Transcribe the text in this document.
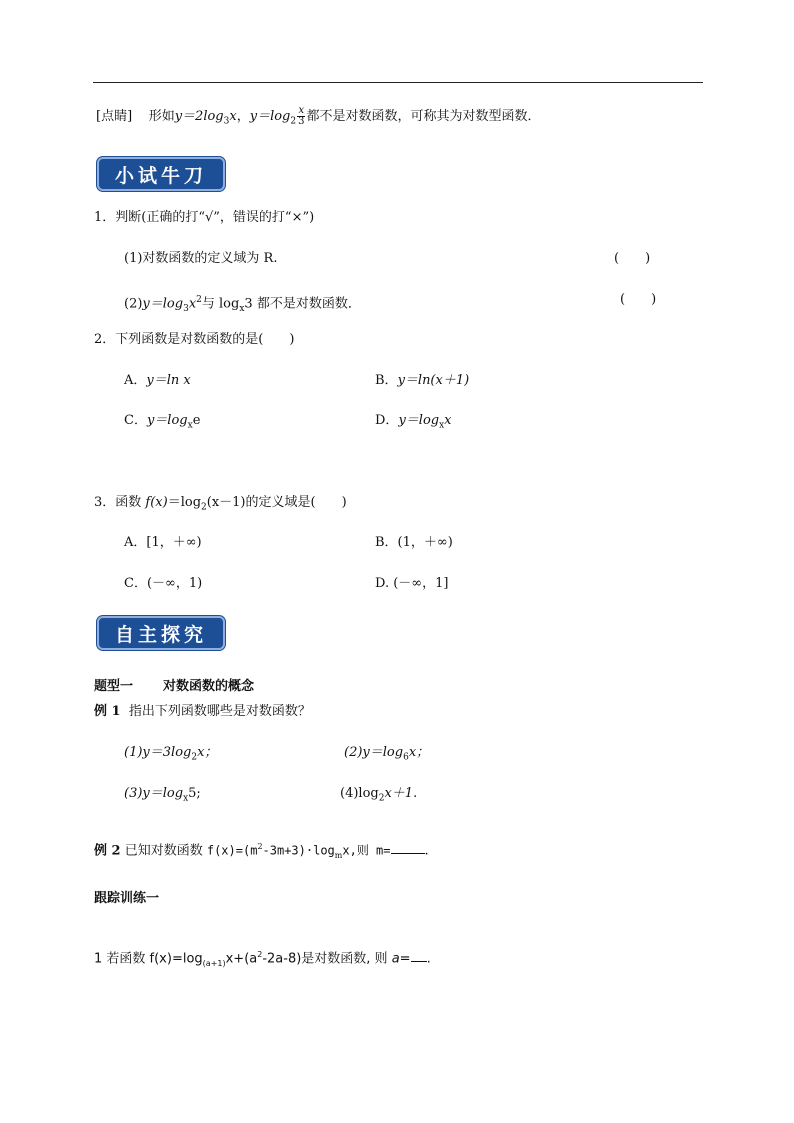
[点睛] 形如$y=2\log_3x$，$y=\log_2 \frac{x}{3}$ 都不是对数函数，可称其为对数型函数．
小试牛刀
1．判断(正确的打“√”，错误的打“×”)
(1)对数函数的定义域为 R.	(　　)
$(2)y=\log_3x^2$与 $\log_x3$ 都不是对数函数．	(　　)
2．下列函数是对数函数的是(　　)
A．y＝ln x	B．y＝ln(x＋1)
C．$y=\log_xe$	D．$y=\log_xx$
3．函数 $f(x)=\log_2(x-1)$的定义域是(　　)
A．[1，＋∞)	B．(1，＋∞)
C．(－∞，1)	D. (－∞，1]
自主探究
题型一 对数函数的概念
例 1 指出下列函数哪些是对数函数？
$(1)y=3\log_2x$；	$(2)y=\log_6x$；
$(3)y=\log_x5$;	$(4)\log_2x+1$.
例 2 已知对数函数 $f(x)=(m^2-3m+3)\cdot\log_mx$,则 m=	.
跟踪训练一
1 若函数 $f(x)=\log_{(a+1)}x+(a^2-2a-8)$是对数函数, 则 a= .
